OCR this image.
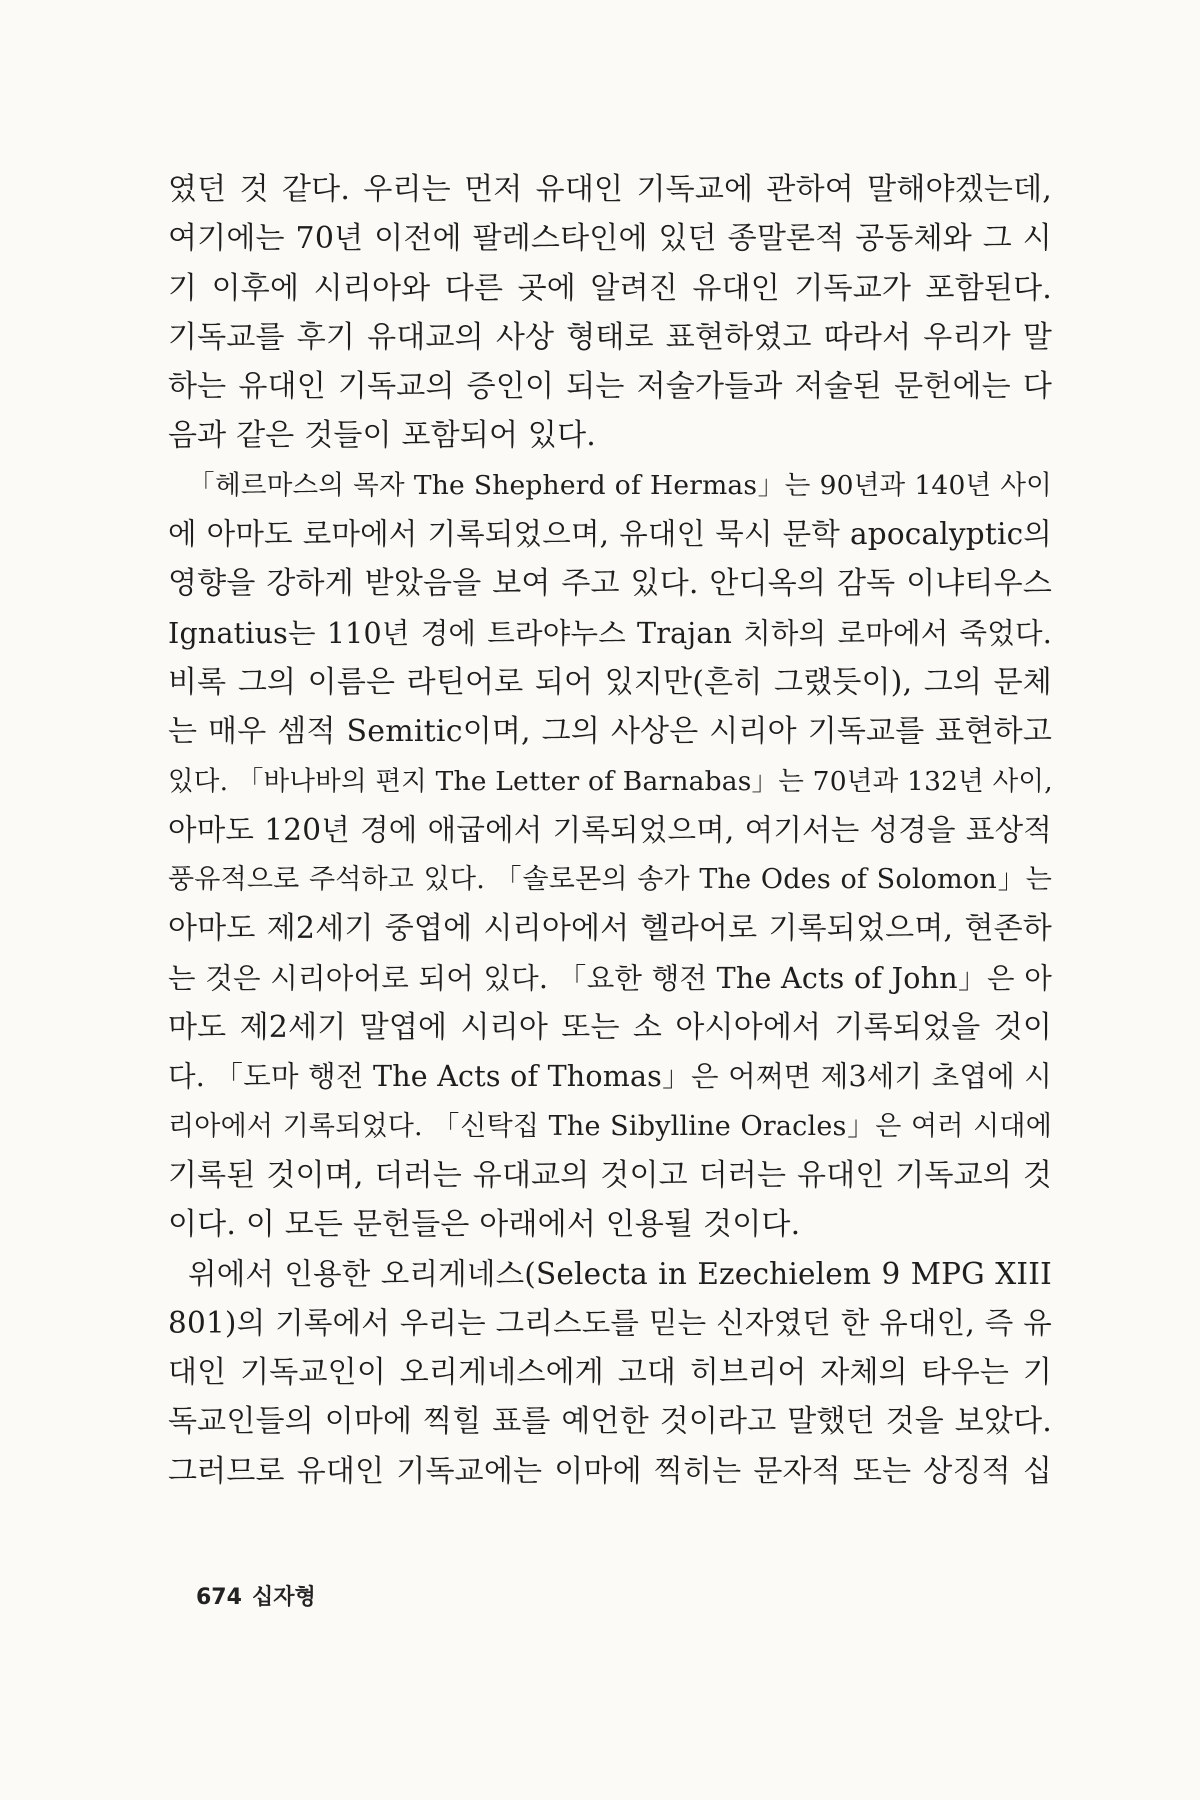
였던 것 같다. 우리는 먼저 유대인 기독교에 관하여 말해야겠는데,
여기에는 70년 이전에 팔레스타인에 있던 종말론적 공동체와 그 시
기 이후에 시리아와 다른 곳에 알려진 유대인 기독교가 포함된다.
기독교를 후기 유대교의 사상 형태로 표현하였고 따라서 우리가 말
하는 유대인 기독교의 증인이 되는 저술가들과 저술된 문헌에는 다
음과 같은 것들이 포함되어 있다.
「헤르마스의 목자 The Shepherd of Hermas」는 90년과 140년 사이
에 아마도 로마에서 기록되었으며, 유대인 묵시 문학 apocalyptic의
영향을 강하게 받았음을 보여 주고 있다. 안디옥의 감독 이냐티우스
Ignatius는 110년 경에 트라야누스 Trajan 치하의 로마에서 죽었다.
비록 그의 이름은 라틴어로 되어 있지만(흔히 그랬듯이), 그의 문체
는 매우 셈적 Semitic이며, 그의 사상은 시리아 기독교를 표현하고
있다. 「바나바의 편지 The Letter of Barnabas」는 70년과 132년 사이,
아마도 120년 경에 애굽에서 기록되었으며, 여기서는 성경을 표상적
풍유적으로 주석하고 있다. 「솔로몬의 송가 The Odes of Solomon」는
아마도 제2세기 중엽에 시리아에서 헬라어로 기록되었으며, 현존하
는 것은 시리아어로 되어 있다. 「요한 행전 The Acts of John」은 아
마도 제2세기 말엽에 시리아 또는 소 아시아에서 기록되었을 것이
다. 「도마 행전 The Acts of Thomas」은 어쩌면 제3세기 초엽에 시
리아에서 기록되었다. 「신탁집 The Sibylline Oracles」은 여러 시대에
기록된 것이며, 더러는 유대교의 것이고 더러는 유대인 기독교의 것
이다. 이 모든 문헌들은 아래에서 인용될 것이다.
위에서 인용한 오리게네스(Selecta in Ezechielem 9 MPG XIII
801)의 기록에서 우리는 그리스도를 믿는 신자였던 한 유대인, 즉 유
대인 기독교인이 오리게네스에게 고대 히브리어 자체의 타우는 기
독교인들의 이마에 찍힐 표를 예언한 것이라고 말했던 것을 보았다.
그러므로 유대인 기독교에는 이마에 찍히는 문자적 또는 상징적 십
674 십자형
